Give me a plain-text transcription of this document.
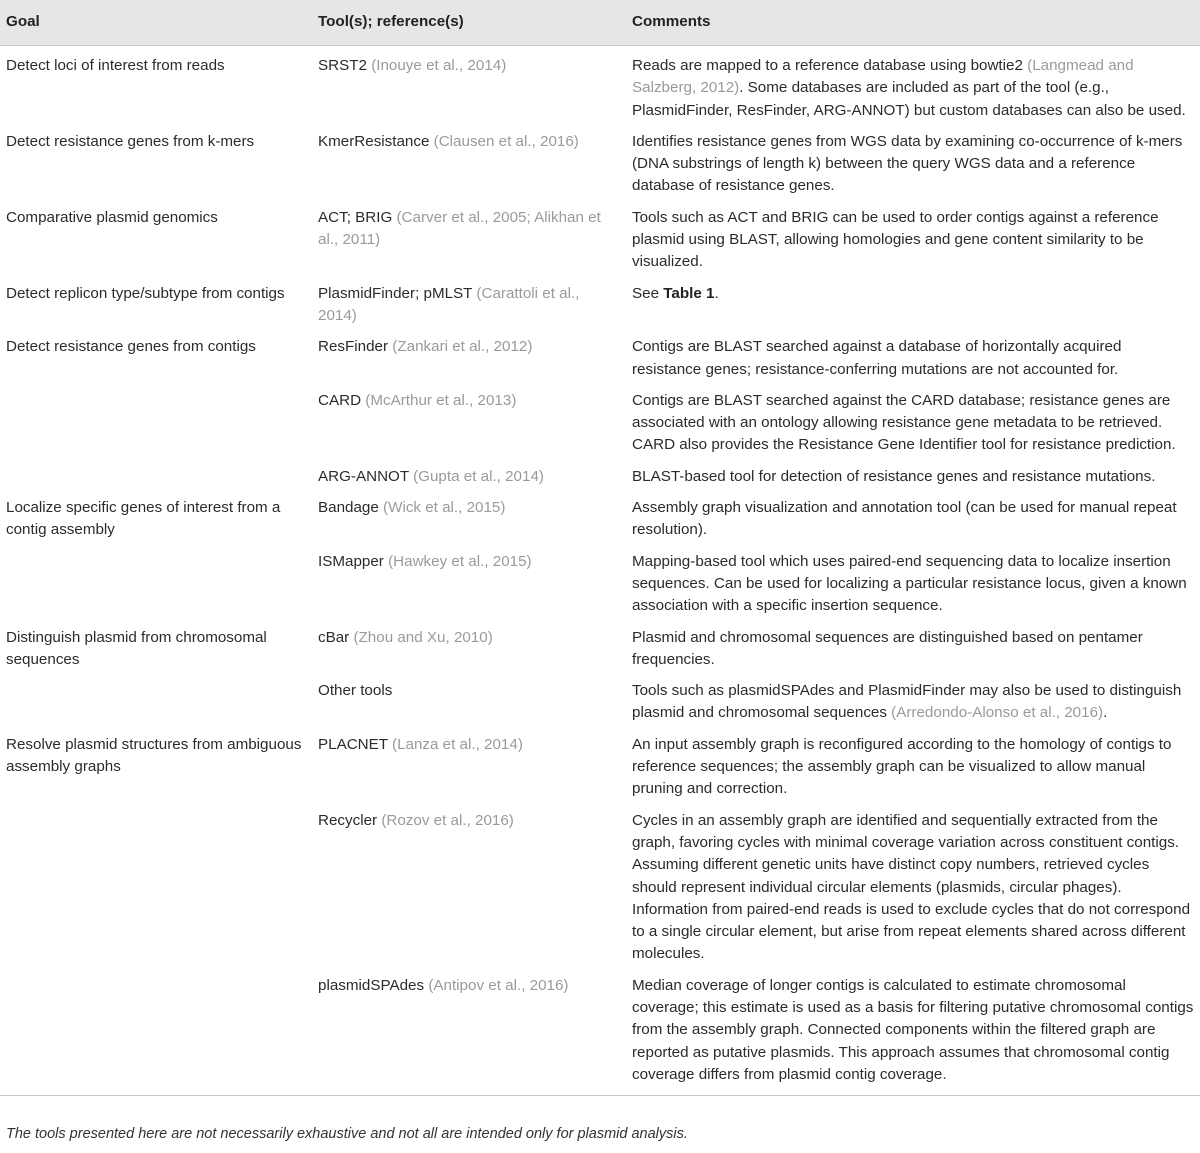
Goal	Tool(s); reference(s)	Comments
Detect loci of interest from reads	SRST2 (Inouye et al., 2014)	Reads are mapped to a reference database using bowtie2 (Langmead and Salzberg, 2012). Some databases are included as part of the tool (e.g., PlasmidFinder, ResFinder, ARG-ANNOT) but custom databases can also be used.
Detect resistance genes from k-mers	KmerResistance (Clausen et al., 2016)	Identifies resistance genes from WGS data by examining co-occurrence of k-mers (DNA substrings of length k) between the query WGS data and a reference database of resistance genes.
Comparative plasmid genomics	ACT; BRIG (Carver et al., 2005; Alikhan et al., 2011)	Tools such as ACT and BRIG can be used to order contigs against a reference plasmid using BLAST, allowing homologies and gene content similarity to be visualized.
Detect replicon type/subtype from contigs	PlasmidFinder; pMLST (Carattoli et al., 2014)	See Table 1.
Detect resistance genes from contigs	ResFinder (Zankari et al., 2012)	Contigs are BLAST searched against a database of horizontally acquired resistance genes; resistance-conferring mutations are not accounted for.
	CARD (McArthur et al., 2013)	Contigs are BLAST searched against the CARD database; resistance genes are associated with an ontology allowing resistance gene metadata to be retrieved. CARD also provides the Resistance Gene Identifier tool for resistance prediction.
	ARG-ANNOT (Gupta et al., 2014)	BLAST-based tool for detection of resistance genes and resistance mutations.
Localize specific genes of interest from a contig assembly	Bandage (Wick et al., 2015)	Assembly graph visualization and annotation tool (can be used for manual repeat resolution).
	ISMapper (Hawkey et al., 2015)	Mapping-based tool which uses paired-end sequencing data to localize insertion sequences. Can be used for localizing a particular resistance locus, given a known association with a specific insertion sequence.
Distinguish plasmid from chromosomal sequences	cBar (Zhou and Xu, 2010)	Plasmid and chromosomal sequences are distinguished based on pentamer frequencies.
	Other tools	Tools such as plasmidSPAdes and PlasmidFinder may also be used to distinguish plasmid and chromosomal sequences (Arredondo-Alonso et al., 2016).
Resolve plasmid structures from ambiguous assembly graphs	PLACNET (Lanza et al., 2014)	An input assembly graph is reconfigured according to the homology of contigs to reference sequences; the assembly graph can be visualized to allow manual pruning and correction.
	Recycler (Rozov et al., 2016)	Cycles in an assembly graph are identified and sequentially extracted from the graph, favoring cycles with minimal coverage variation across constituent contigs. Assuming different genetic units have distinct copy numbers, retrieved cycles should represent individual circular elements (plasmids, circular phages). Information from paired-end reads is used to exclude cycles that do not correspond to a single circular element, but arise from repeat elements shared across different molecules.
	plasmidSPAdes (Antipov et al., 2016)	Median coverage of longer contigs is calculated to estimate chromosomal coverage; this estimate is used as a basis for filtering putative chromosomal contigs from the assembly graph. Connected components within the filtered graph are reported as putative plasmids. This approach assumes that chromosomal contig coverage differs from plasmid contig coverage.
The tools presented here are not necessarily exhaustive and not all are intended only for plasmid analysis.
